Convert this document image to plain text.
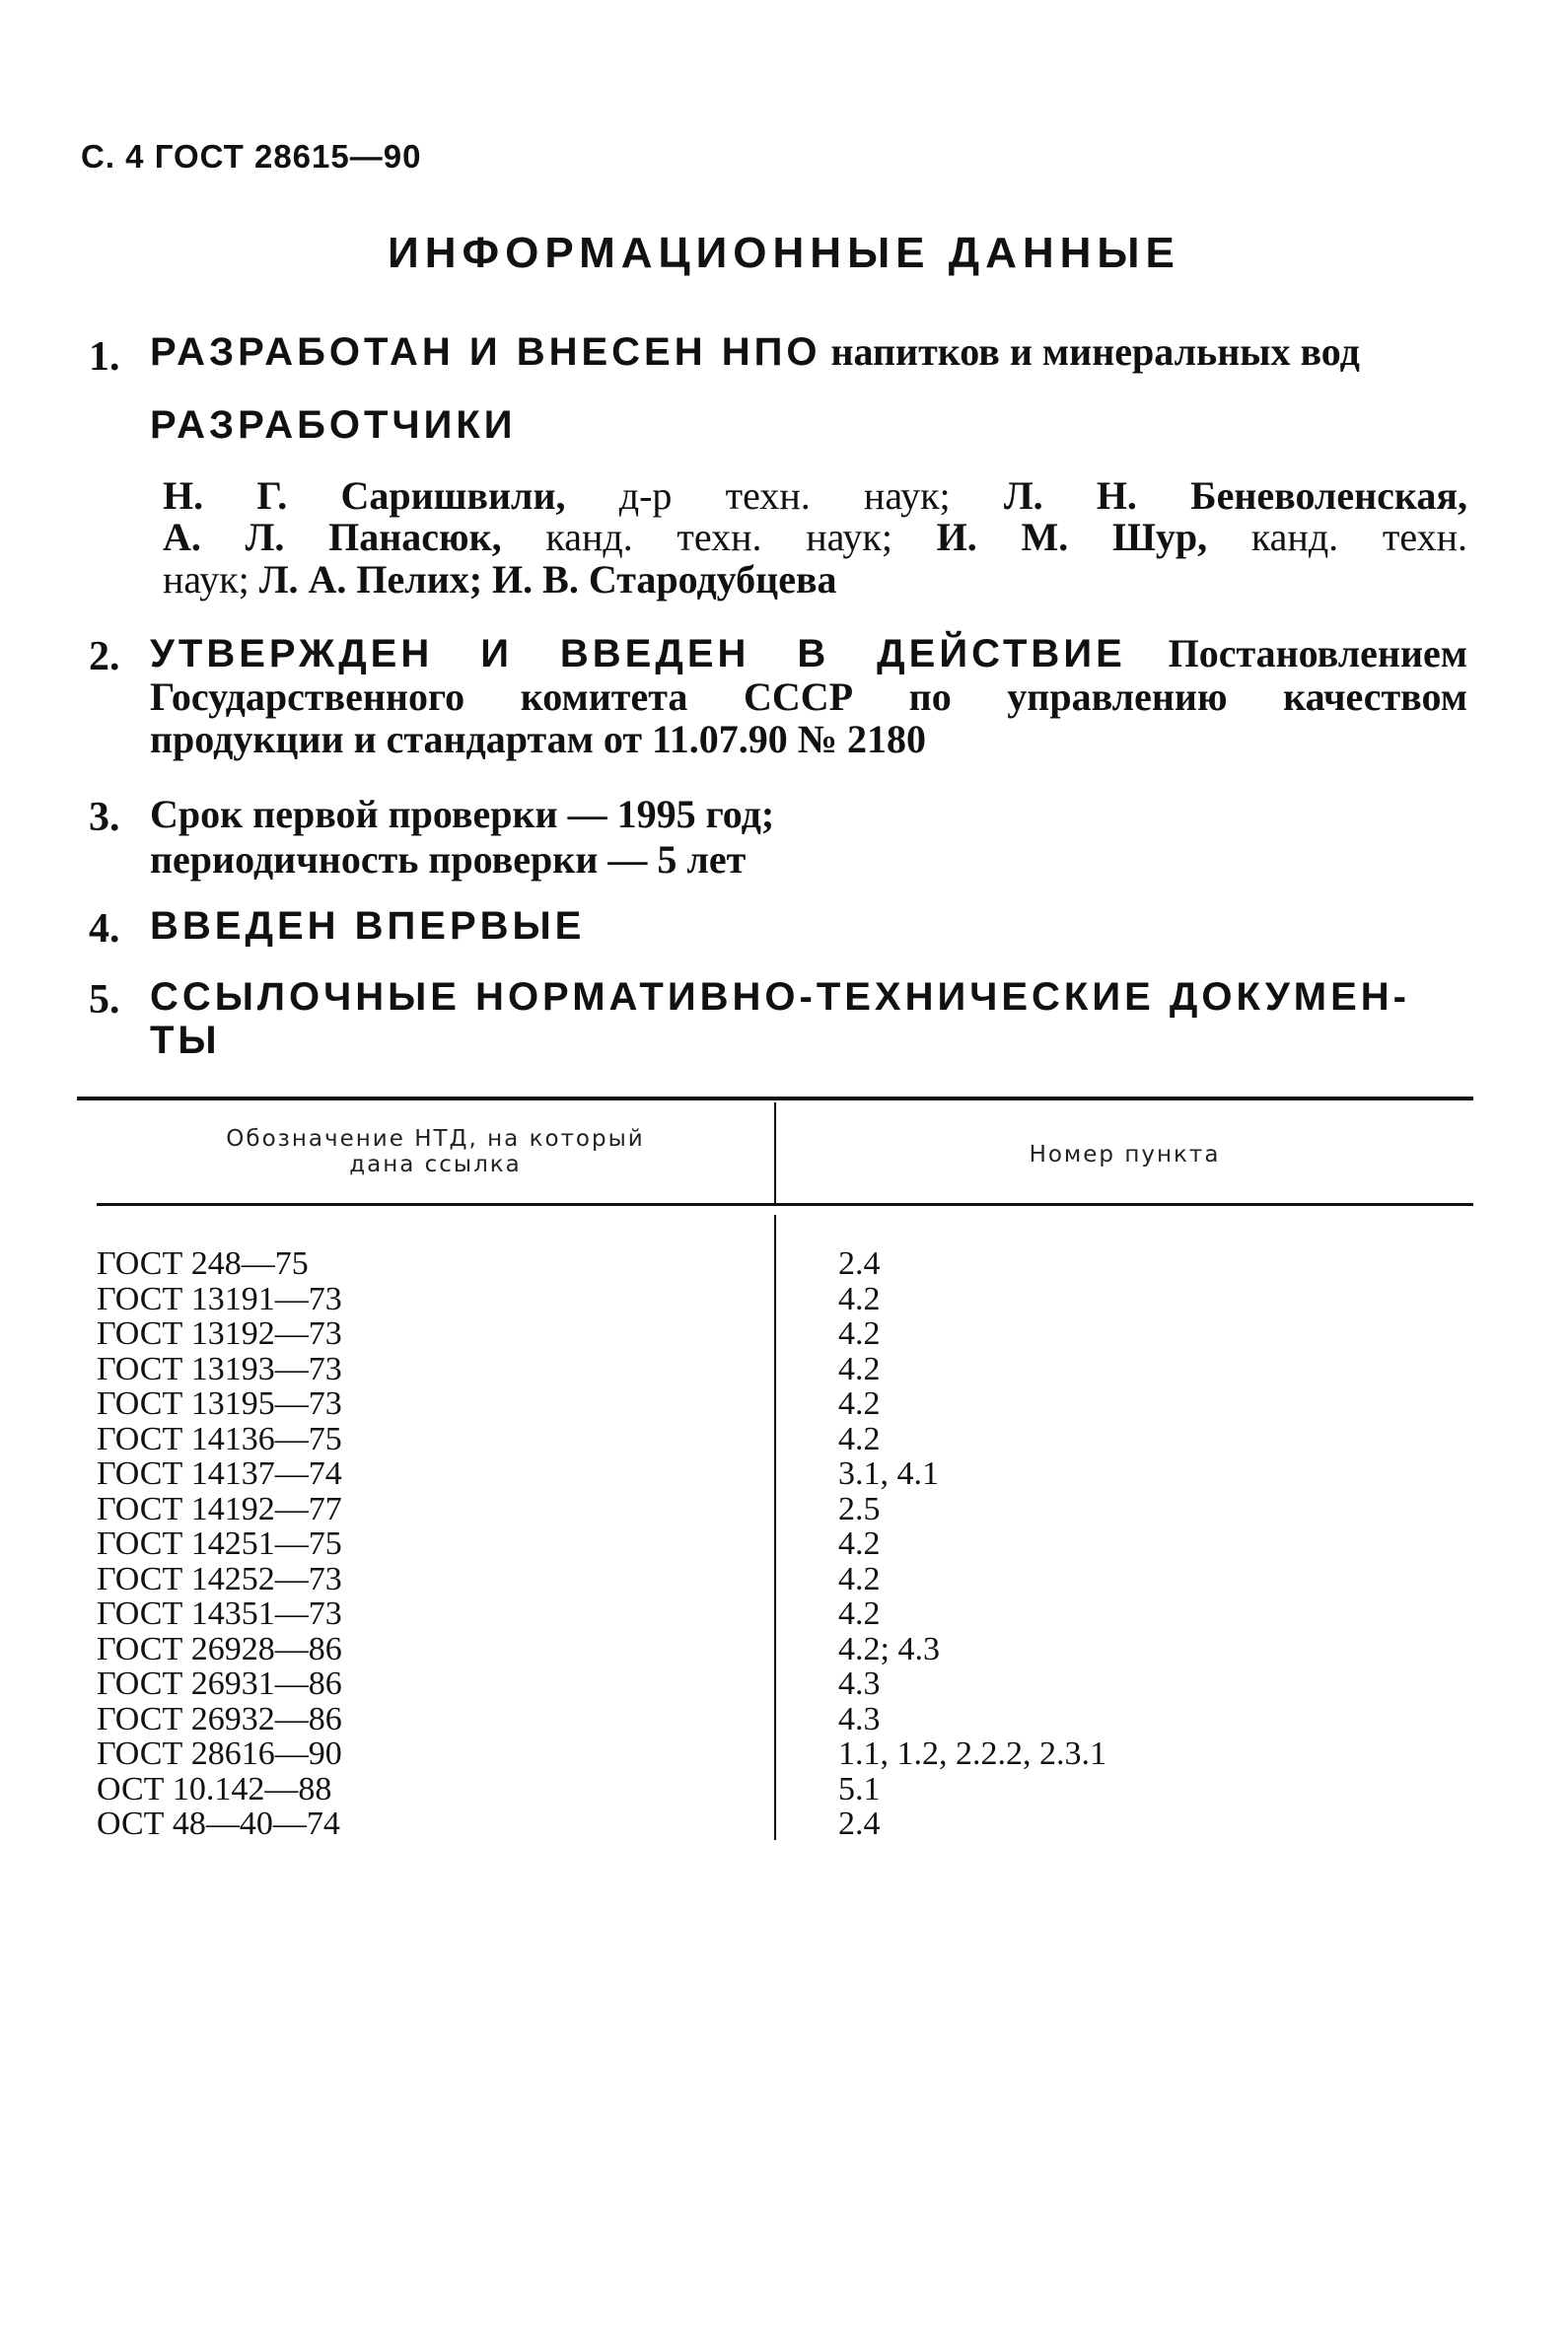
С. 4 ГОСТ 28615—90
ИНФОРМАЦИОННЫЕ ДАННЫЕ
1. РАЗРАБОТАН И ВНЕСЕН НПО напитков и минеральных вод
РАЗРАБОТЧИКИ
Н. Г. Саришвили, д-р техн. наук; Л. Н. Беневоленская,
А. Л. Панасюк, канд. техн. наук; И. М. Шур, канд. техн.
наук; Л. А. Пелих; И. В. Стародубцева
2. УТВЕРЖДЕН И ВВЕДЕН В ДЕЙСТВИЕ Постановлением
Государственного комитета СССР по управлению качеством
продукции и стандартам от 11.07.90 № 2180
3. Срок первой проверки — 1995 год;
периодичность проверки — 5 лет
4. ВВЕДЕН ВПЕРВЫЕ
5. ССЫЛОЧНЫЕ НОРМАТИВНО-ТЕХНИЧЕСКИЕ ДОКУМЕН-
ТЫ
Обозначение НТД, на который
дана ссылка	Номер пункта
ГОСТ 248—75	2.4
ГОСТ 13191—73	4.2
ГОСТ 13192—73	4.2
ГОСТ 13193—73	4.2
ГОСТ 13195—73	4.2
ГОСТ 14136—75	4.2
ГОСТ 14137—74	3.1, 4.1
ГОСТ 14192—77	2.5
ГОСТ 14251—75	4.2
ГОСТ 14252—73	4.2
ГОСТ 14351—73	4.2
ГОСТ 26928—86	4.2; 4.3
ГОСТ 26931—86	4.3
ГОСТ 26932—86	4.3
ГОСТ 28616—90	1.1, 1.2, 2.2.2, 2.3.1
ОСТ 10.142—88	5.1
ОСТ 48—40—74	2.4
